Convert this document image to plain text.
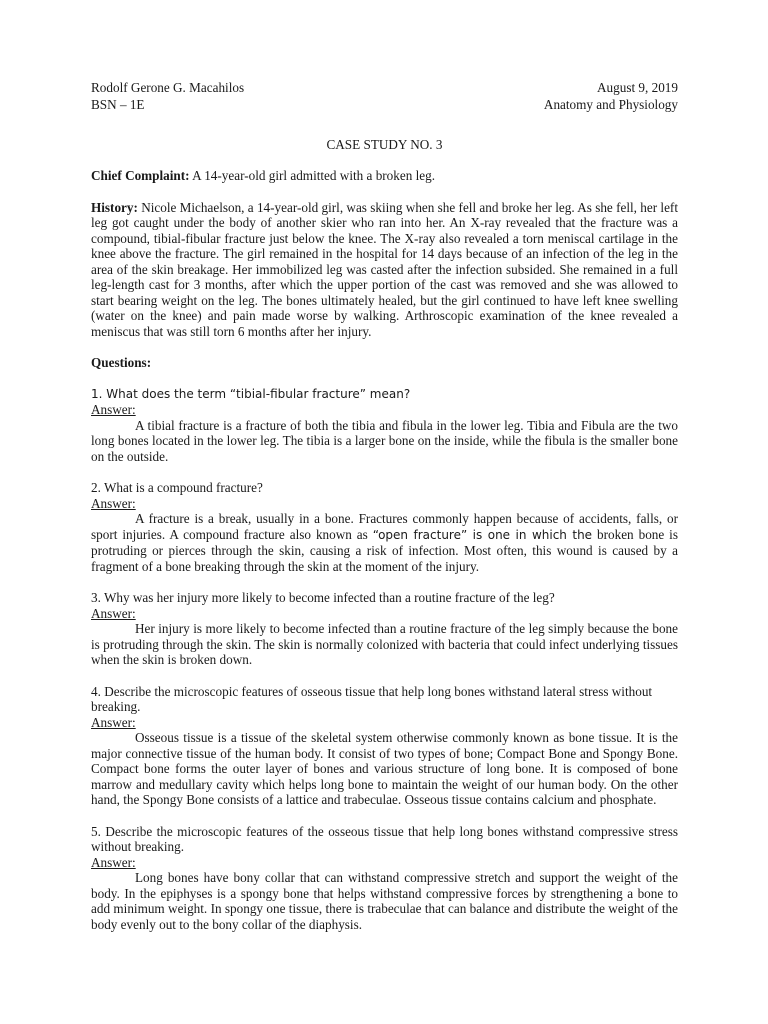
Rodolf Gerone G. Macahilos	August 9, 2019
BSN – 1E	Anatomy and Physiology
CASE STUDY NO. 3

Chief Complaint: A 14-year-old girl admitted with a broken leg.

History: Nicole Michaelson, a 14-year-old girl, was skiing when she fell and broke her leg. As she fell, her left leg got caught under the body of another skier who ran into her. An X-ray revealed that the fracture was a compound, tibial-fibular fracture just below the knee. The X-ray also revealed a torn meniscal cartilage in the knee above the fracture. The girl remained in the hospital for 14 days because of an infection of the leg in the area of the skin breakage. Her immobilized leg was casted after the infection subsided. She remained in a full leg-length cast for 3 months, after which the upper portion of the cast was removed and she was allowed to start bearing weight on the leg. The bones ultimately healed, but the girl continued to have left knee swelling (water on the knee) and pain made worse by walking. Arthroscopic examination of the knee revealed a meniscus that was still torn 6 months after her injury.

Questions:

1. What does the term “tibial-fibular fracture” mean?

Answer:

A tibial fracture is a fracture of both the tibia and fibula in the lower leg. Tibia and Fibula are the two long bones located in the lower leg. The tibia is a larger bone on the inside, while the fibula is the smaller bone on the outside.

2. What is a compound fracture?

Answer:

A fracture is a break, usually in a bone. Fractures commonly happen because of accidents, falls, or sport injuries. A compound fracture also known as “open fracture” is one in which the broken bone is protruding or pierces through the skin, causing a risk of infection. Most often, this wound is caused by a fragment of a bone breaking through the skin at the moment of the injury.

3. Why was her injury more likely to become infected than a routine fracture of the leg?

Answer:

Her injury is more likely to become infected than a routine fracture of the leg simply because the bone is protruding through the skin. The skin is normally colonized with bacteria that could infect underlying tissues when the skin is broken down.

4. Describe the microscopic features of osseous tissue that help long bones withstand lateral stress without breaking.

Answer:

Osseous tissue is a tissue of the skeletal system otherwise commonly known as bone tissue. It is the major connective tissue of the human body. It consist of two types of bone; Compact Bone and Spongy Bone. Compact bone forms the outer layer of bones and various structure of long bone. It is composed of bone marrow and medullary cavity which helps long bone to maintain the weight of our human body. On the other hand, the Spongy Bone consists of a lattice and trabeculae. Osseous tissue contains calcium and phosphate.

5. Describe the microscopic features of the osseous tissue that help long bones withstand compressive stress without breaking.

Answer:

Long bones have bony collar that can withstand compressive stretch and support the weight of the body. In the epiphyses is a spongy bone that helps withstand compressive forces by strengthening a bone to add minimum weight. In spongy one tissue, there is trabeculae that can balance and distribute the weight of the body evenly out to the bony collar of the diaphysis.
